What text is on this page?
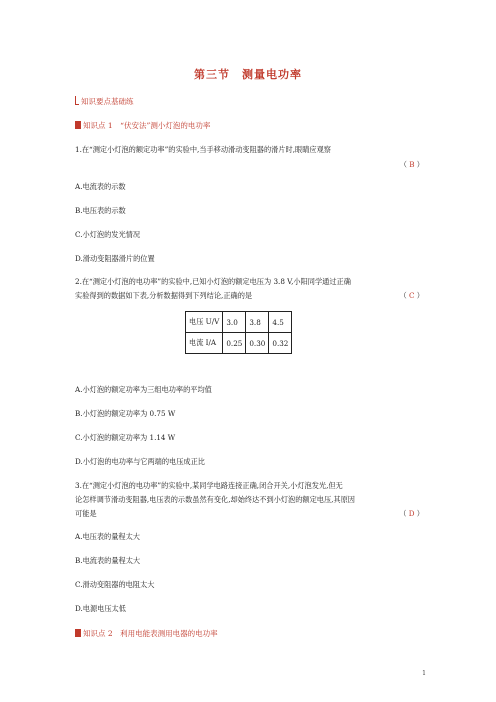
第三节　测量电功率
知识要点基础练
知识点 1　“伏安法”测小灯泡的电功率
1.在“测定小灯泡的额定功率”的实验中,当手移动滑动变阻器的滑片时,眼睛应观察
（ B ）
A.电流表的示数
B.电压表的示数
C.小灯泡的发光情况
D.滑动变阻器滑片的位置
2.在“测定小灯泡的电功率”的实验中,已知小灯泡的额定电压为 3.8 V,小阳同学通过正确
实验得到的数据如下表,分析数据得到下列结论,正确的是	（ C ）
电压 U/V	3.0	3.8	4.5
电流 I/A	0.25	0.30	0.32
A.小灯泡的额定功率为三组电功率的平均值
B.小灯泡的额定功率为 0.75 W
C.小灯泡的额定功率为 1.14 W
D.小灯泡的电功率与它两端的电压成正比
3.在“测定小灯泡的电功率”的实验中,某同学电路连接正确,闭合开关,小灯泡发光,但无
论怎样调节滑动变阻器,电压表的示数虽然有变化,却始终达不到小灯泡的额定电压,其原因
可能是	（ D ）
A.电压表的量程太大
B.电流表的量程太大
C.滑动变阻器的电阻太大
D.电源电压太低
知识点 2　利用电能表测用电器的电功率
1
